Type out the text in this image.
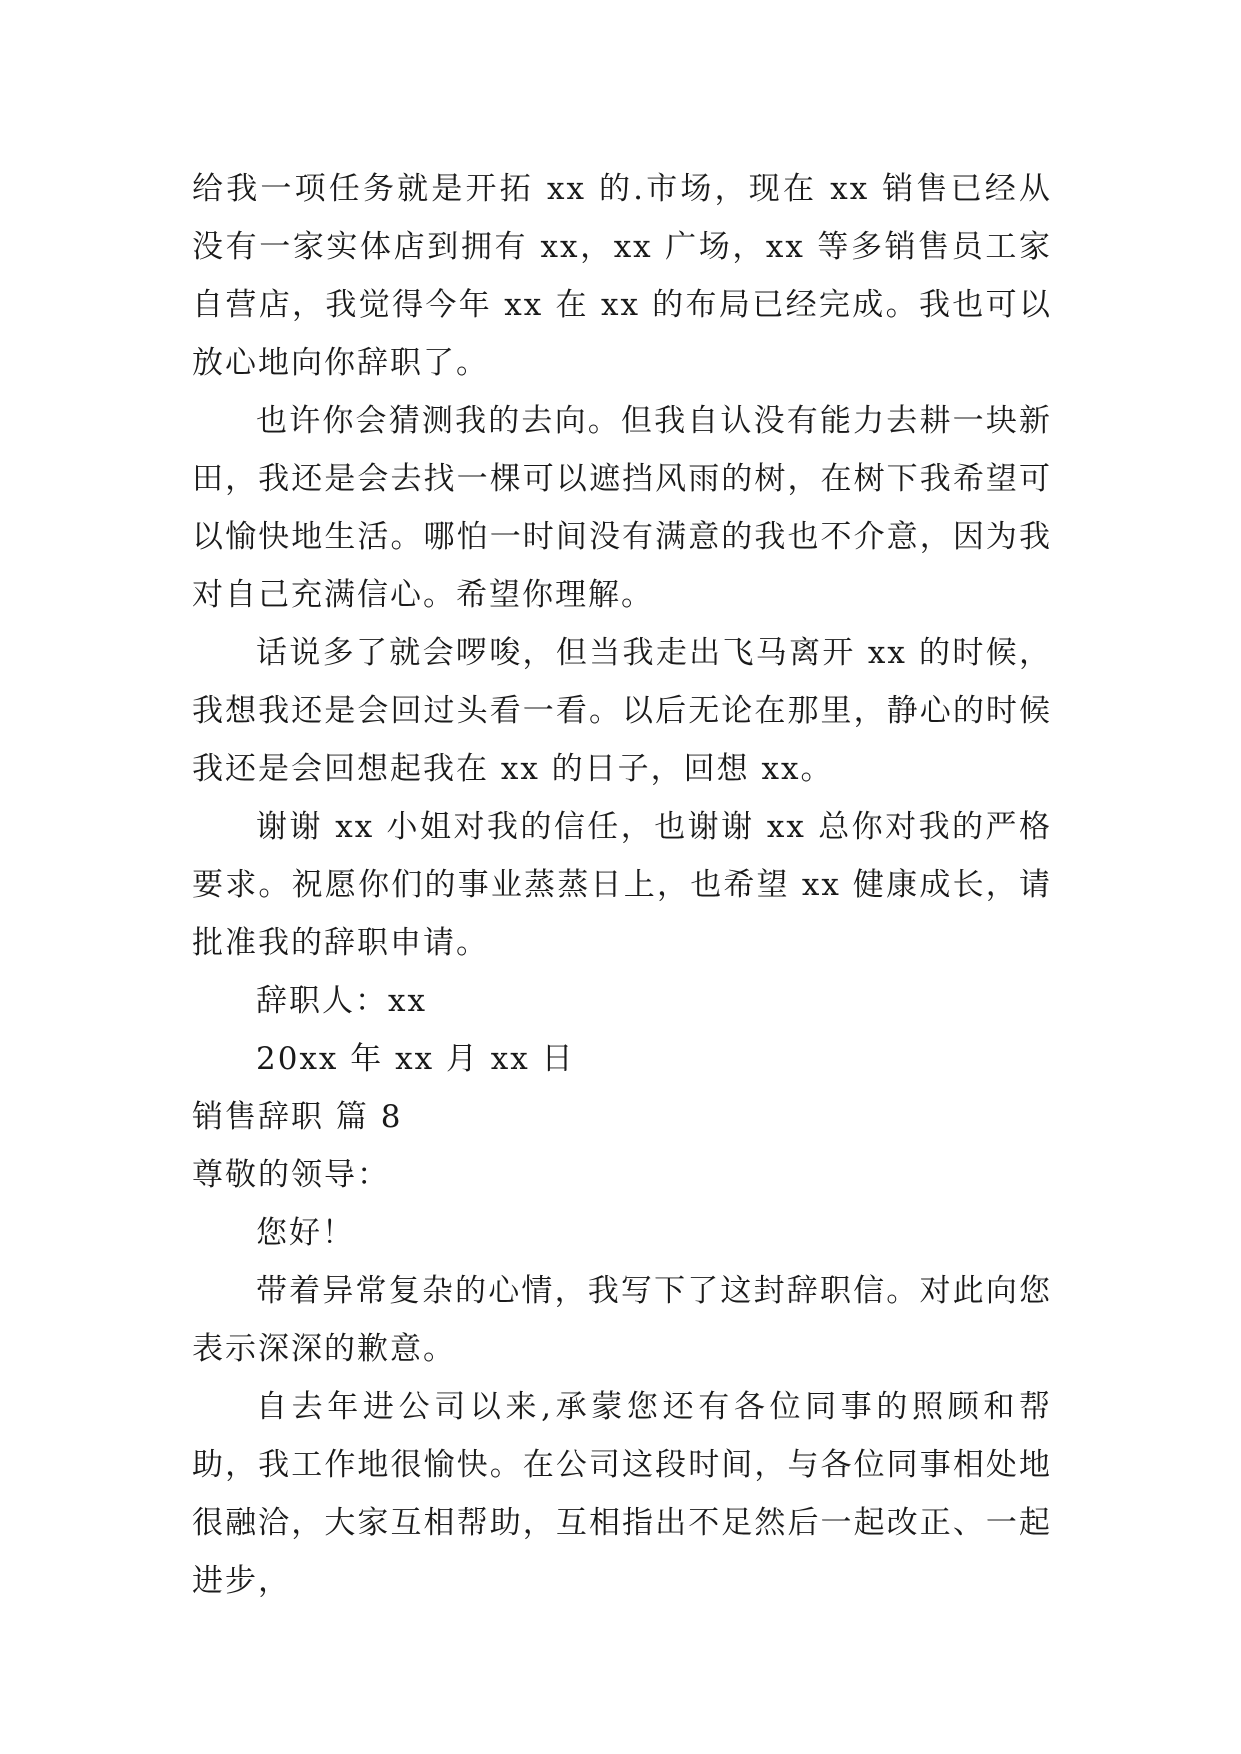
给我一项任务就是开拓 xx 的.市场，现在 xx 销售已经从没有一家实体店到拥有 xx，xx 广场，xx 等多销售员工家自营店，我觉得今年 xx 在 xx 的布局已经完成。我也可以放心地向你辞职了。

也许你会猜测我的去向。但我自认没有能力去耕一块新田，我还是会去找一棵可以遮挡风雨的树，在树下我希望可以愉快地生活。哪怕一时间没有满意的我也不介意，因为我对自己充满信心。希望你理解。

话说多了就会啰唆，但当我走出飞马离开 xx 的时候，我想我还是会回过头看一看。以后无论在那里，静心的时候我还是会回想起我在 xx 的日子，回想 xx。

谢谢 xx 小姐对我的信任，也谢谢 xx 总你对我的严格要求。祝愿你们的事业蒸蒸日上，也希望 xx 健康成长，请批准我的辞职申请。

辞职人：xx

20xx 年 xx 月 xx 日

销售辞职 篇 8

尊敬的领导：

您好！

带着异常复杂的心情，我写下了这封辞职信。对此向您表示深深的歉意。

自去年进公司以来,承蒙您还有各位同事的照顾和帮助，我工作地很愉快。在公司这段时间，与各位同事相处地很融洽，大家互相帮助，互相指出不足然后一起改正、一起进步，
